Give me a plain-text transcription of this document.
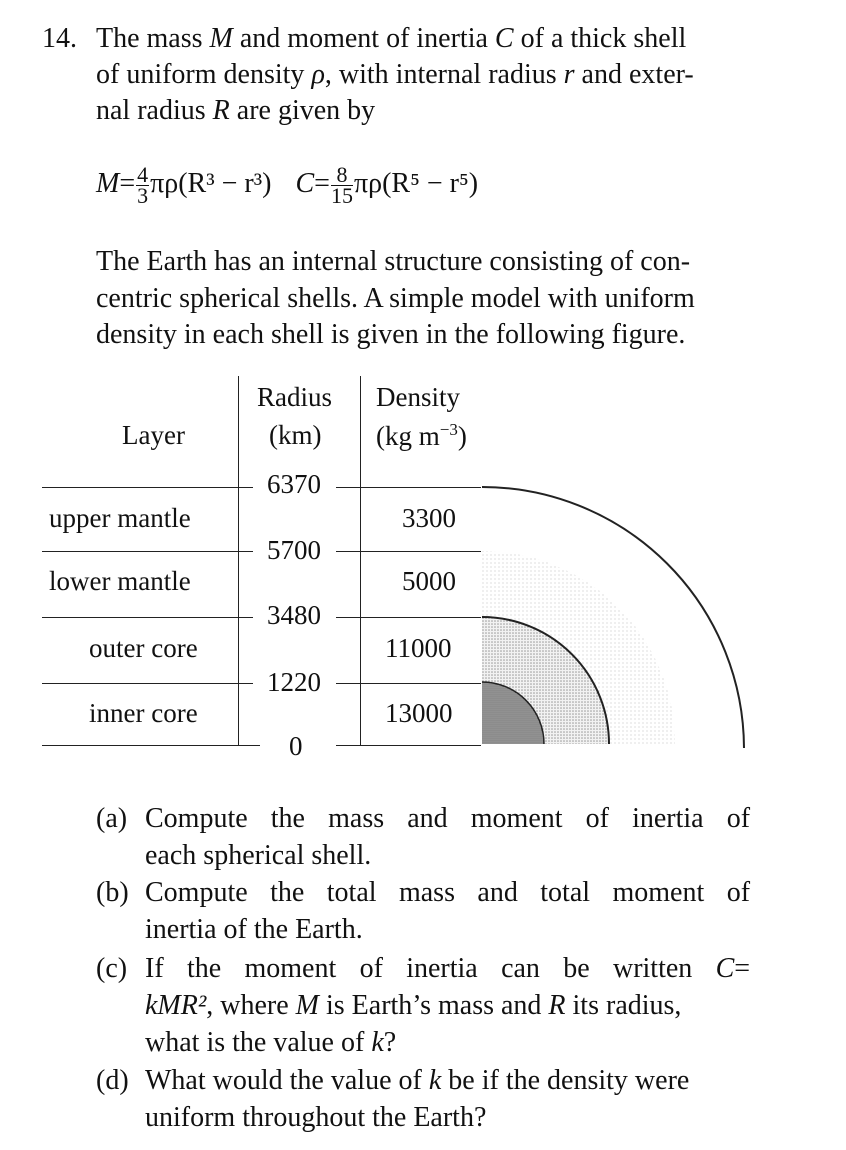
14. The mass M and moment of inertia C of a thick shell
of uniform density ρ, with internal radius r and exter-
nal radius R are given by
$M= \frac{4}{3} \pi\rho(R^3 - r^3)$ $C= \frac{8}{15} \pi\rho(R^5 - r^5)$
The Earth has an internal structure consisting of con-
centric spherical shells. A simple model with uniform
density in each shell is given in the following figure.
Layer
Radius
(km)
Density
(kg $m^{-3}$)
6370
5700
3480
1220
0
upper mantle
lower mantle
outer core
inner core
3300
5000
11000
13000
(a) Compute the mass and moment of inertia of
each spherical shell.
(b) Compute the total mass and total moment of
inertia of the Earth.
(c) If the moment of inertia can be written C=
kMR², where M is Earth’s mass and R its radius,
what is the value of k?
(d) What would the value of k be if the density were
uniform throughout the Earth?
